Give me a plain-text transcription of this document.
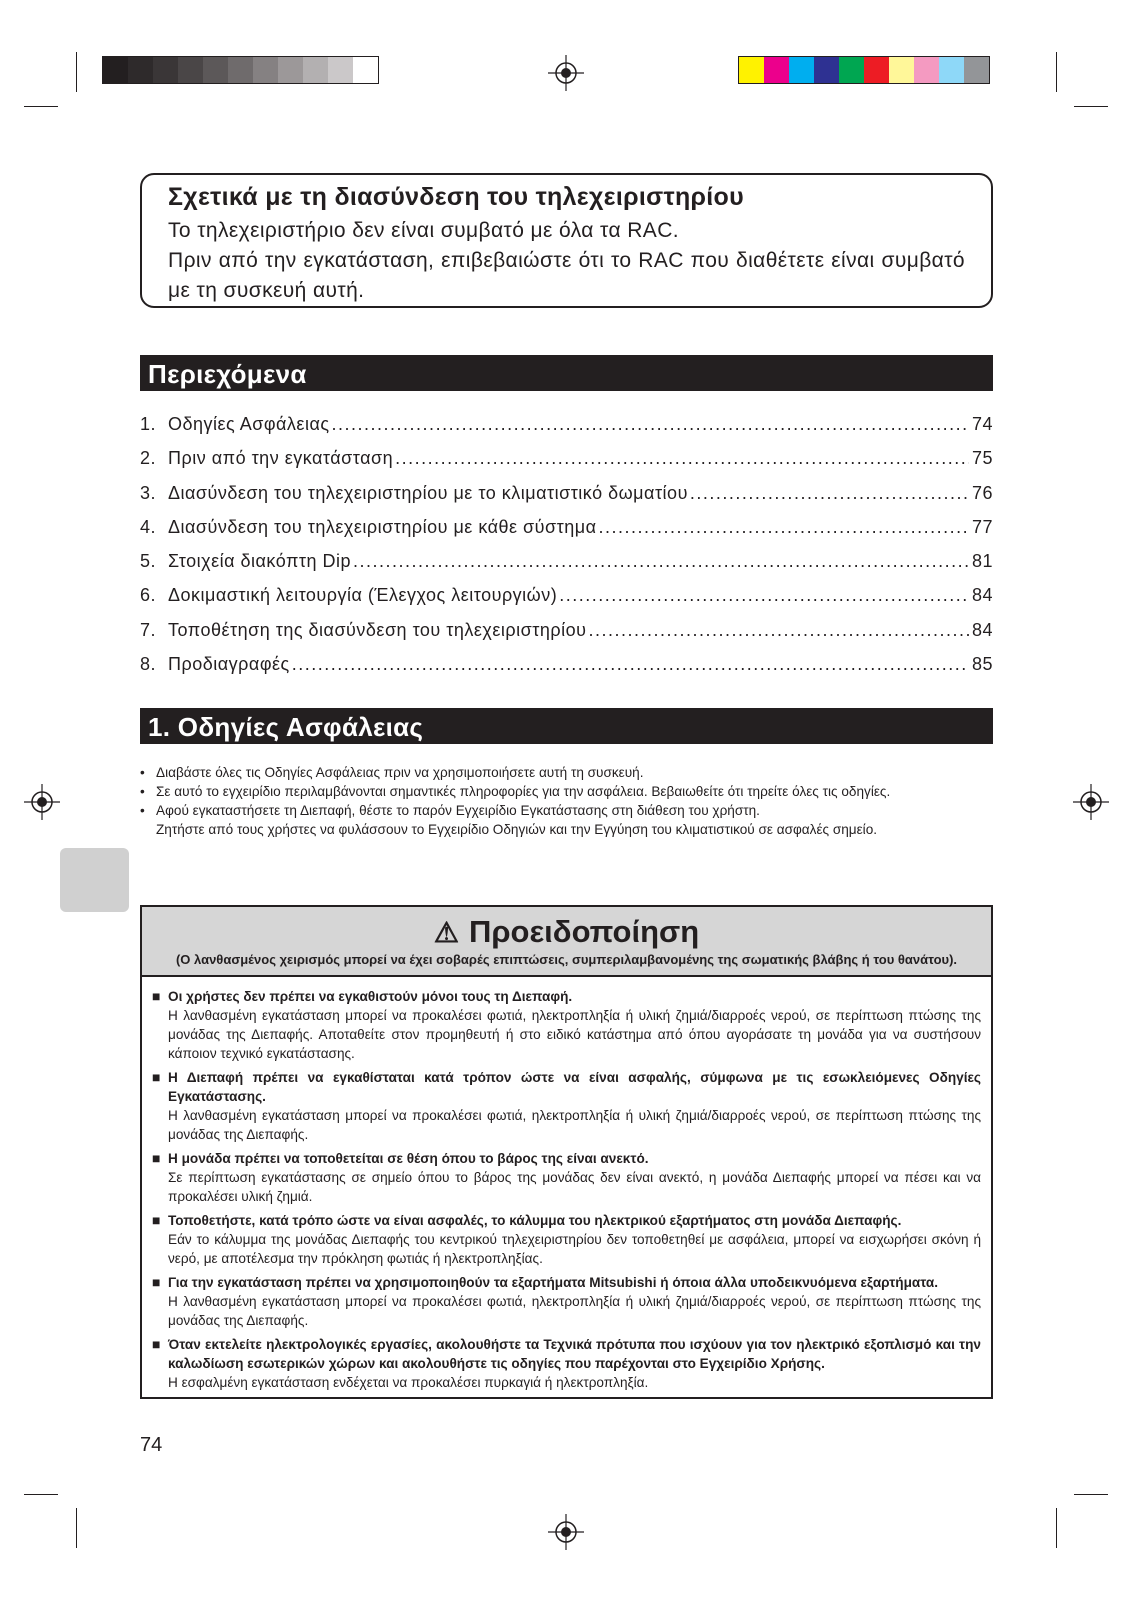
Σχετικά με τη διασύνδεση του τηλεχειριστηρίου

Το τηλεχειριστήριο δεν είναι συμβατό με όλα τα RAC.

Πριν από την εγκατάσταση, επιβεβαιώστε ότι το RAC που διαθέτετε είναι συμβατό με τη συσκευή αυτή.

Περιεχόμενα
1. Οδηγίες Ασφάλειας .....	74
2. Πριν από την εγκατάσταση .....	75
3. Διασύνδεση του τηλεχειριστηρίου με το κλιματιστικό δωματίου .....	76
4. Διασύνδεση του τηλεχειριστηρίου με κάθε σύστημα .....	77
5. Στοιχεία διακόπτη Dip .....	81
6. Δοκιμαστική λειτουργία (Έλεγχος λειτουργιών) .....	84
7. Τοποθέτηση της διασύνδεση του τηλεχειριστηρίου .....	84
8. Προδιαγραφές .....	85
1. Οδηγίες Ασφάλειας
• Διαβάστε όλες τις Οδηγίες Ασφάλειας πριν να χρησιμοποιήσετε αυτή τη συσκευή.
• Σε αυτό το εγχειρίδιο περιλαμβάνονται σημαντικές πληροφορίες για την ασφάλεια. Βεβαιωθείτε ότι τηρείτε όλες τις οδηγίες.
• Αφού εγκαταστήσετε τη Διεπαφή, θέστε το παρόν Εγχειρίδιο Εγκατάστασης στη διάθεση του χρήστη.
Ζητήστε από τους χρήστες να φυλάσσουν το Εγχειρίδιο Οδηγιών και την Εγγύηση του κλιματιστικού σε ασφαλές σημείο.
⚠ Προειδοποίηση
(Ο λανθασμένος χειρισμός μπορεί να έχει σοβαρές επιπτώσεις, συμπεριλαμβανομένης της σωματικής βλάβης ή του θανάτου).
■ Οι χρήστες δεν πρέπει να εγκαθιστούν μόνοι τους τη Διεπαφή.
Η λανθασμένη εγκατάσταση μπορεί να προκαλέσει φωτιά, ηλεκτροπληξία ή υλική ζημιά/διαρροές νερού, σε περίπτωση πτώσης της μονάδας της Διεπαφής. Αποταθείτε στον προμηθευτή ή στο ειδικό κατάστημα από όπου αγοράσατε τη μονάδα για να συστήσουν κάποιον τεχνικό εγκατάστασης.
■ Η Διεπαφή πρέπει να εγκαθίσταται κατά τρόπον ώστε να είναι ασφαλής, σύμφωνα με τις εσωκλειόμενες Οδηγίες Εγκατάστασης.
Η λανθασμένη εγκατάσταση μπορεί να προκαλέσει φωτιά, ηλεκτροπληξία ή υλική ζημιά/διαρροές νερού, σε περίπτωση πτώσης της μονάδας της Διεπαφής.
■ Η μονάδα πρέπει να τοποθετείται σε θέση όπου το βάρος της είναι ανεκτό.
Σε περίπτωση εγκατάστασης σε σημείο όπου το βάρος της μονάδας δεν είναι ανεκτό, η μονάδα Διεπαφής μπορεί να πέσει και να προκαλέσει υλική ζημιά.
■ Τοποθετήστε, κατά τρόπο ώστε να είναι ασφαλές, το κάλυμμα του ηλεκτρικού εξαρτήματος στη μονάδα Διεπαφής.
Εάν το κάλυμμα της μονάδας Διεπαφής του κεντρικού τηλεχειριστηρίου δεν τοποθετηθεί με ασφάλεια, μπορεί να εισχωρήσει σκόνη ή νερό, με αποτέλεσμα την πρόκληση φωτιάς ή ηλεκτροπληξίας.
■ Για την εγκατάσταση πρέπει να χρησιμοποιηθούν τα εξαρτήματα Mitsubishi ή όποια άλλα υποδεικνυόμενα εξαρτήματα.
Η λανθασμένη εγκατάσταση μπορεί να προκαλέσει φωτιά, ηλεκτροπληξία ή υλική ζημιά/διαρροές νερού, σε περίπτωση πτώσης της μονάδας της Διεπαφής.
■ Όταν εκτελείτε ηλεκτρολογικές εργασίες, ακολουθήστε τα Τεχνικά πρότυπα που ισχύουν για τον ηλεκτρικό εξοπλισμό και την καλωδίωση εσωτερικών χώρων και ακολουθήστε τις οδηγίες που παρέχονται στο Εγχειρίδιο Χρήσης.
Η εσφαλμένη εγκατάσταση ενδέχεται να προκαλέσει πυρκαγιά ή ηλεκτροπληξία.
74
